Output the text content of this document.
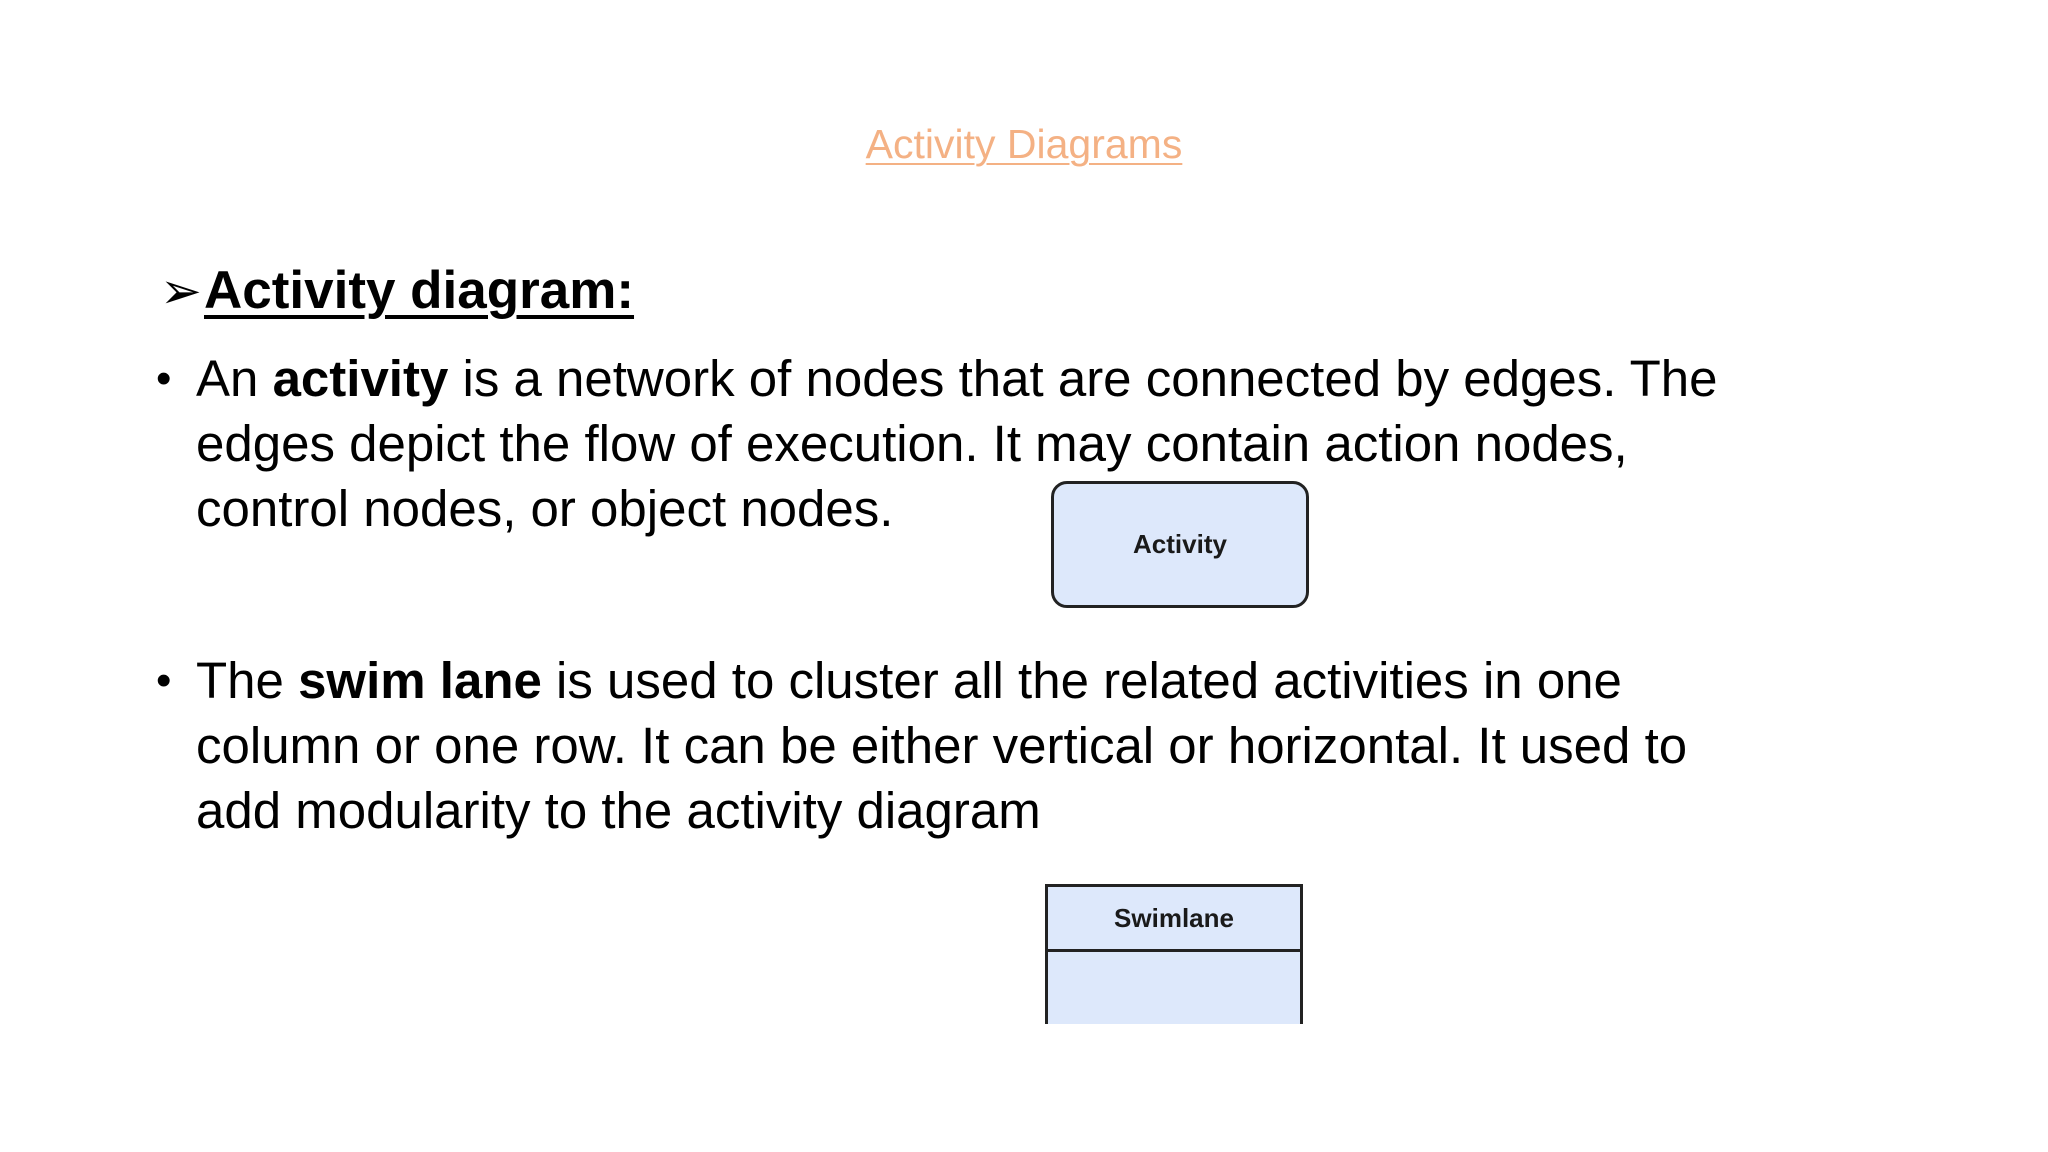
Activity Diagrams
➢Activity diagram:
• An activity is a network of nodes that are connected by edges. The
edges depict the flow of execution. It may contain action nodes,
control nodes, or object nodes.
Activity
• The swim lane is used to cluster all the related activities in one
column or one row. It can be either vertical or horizontal. It used to
add modularity to the activity diagram
Swimlane
